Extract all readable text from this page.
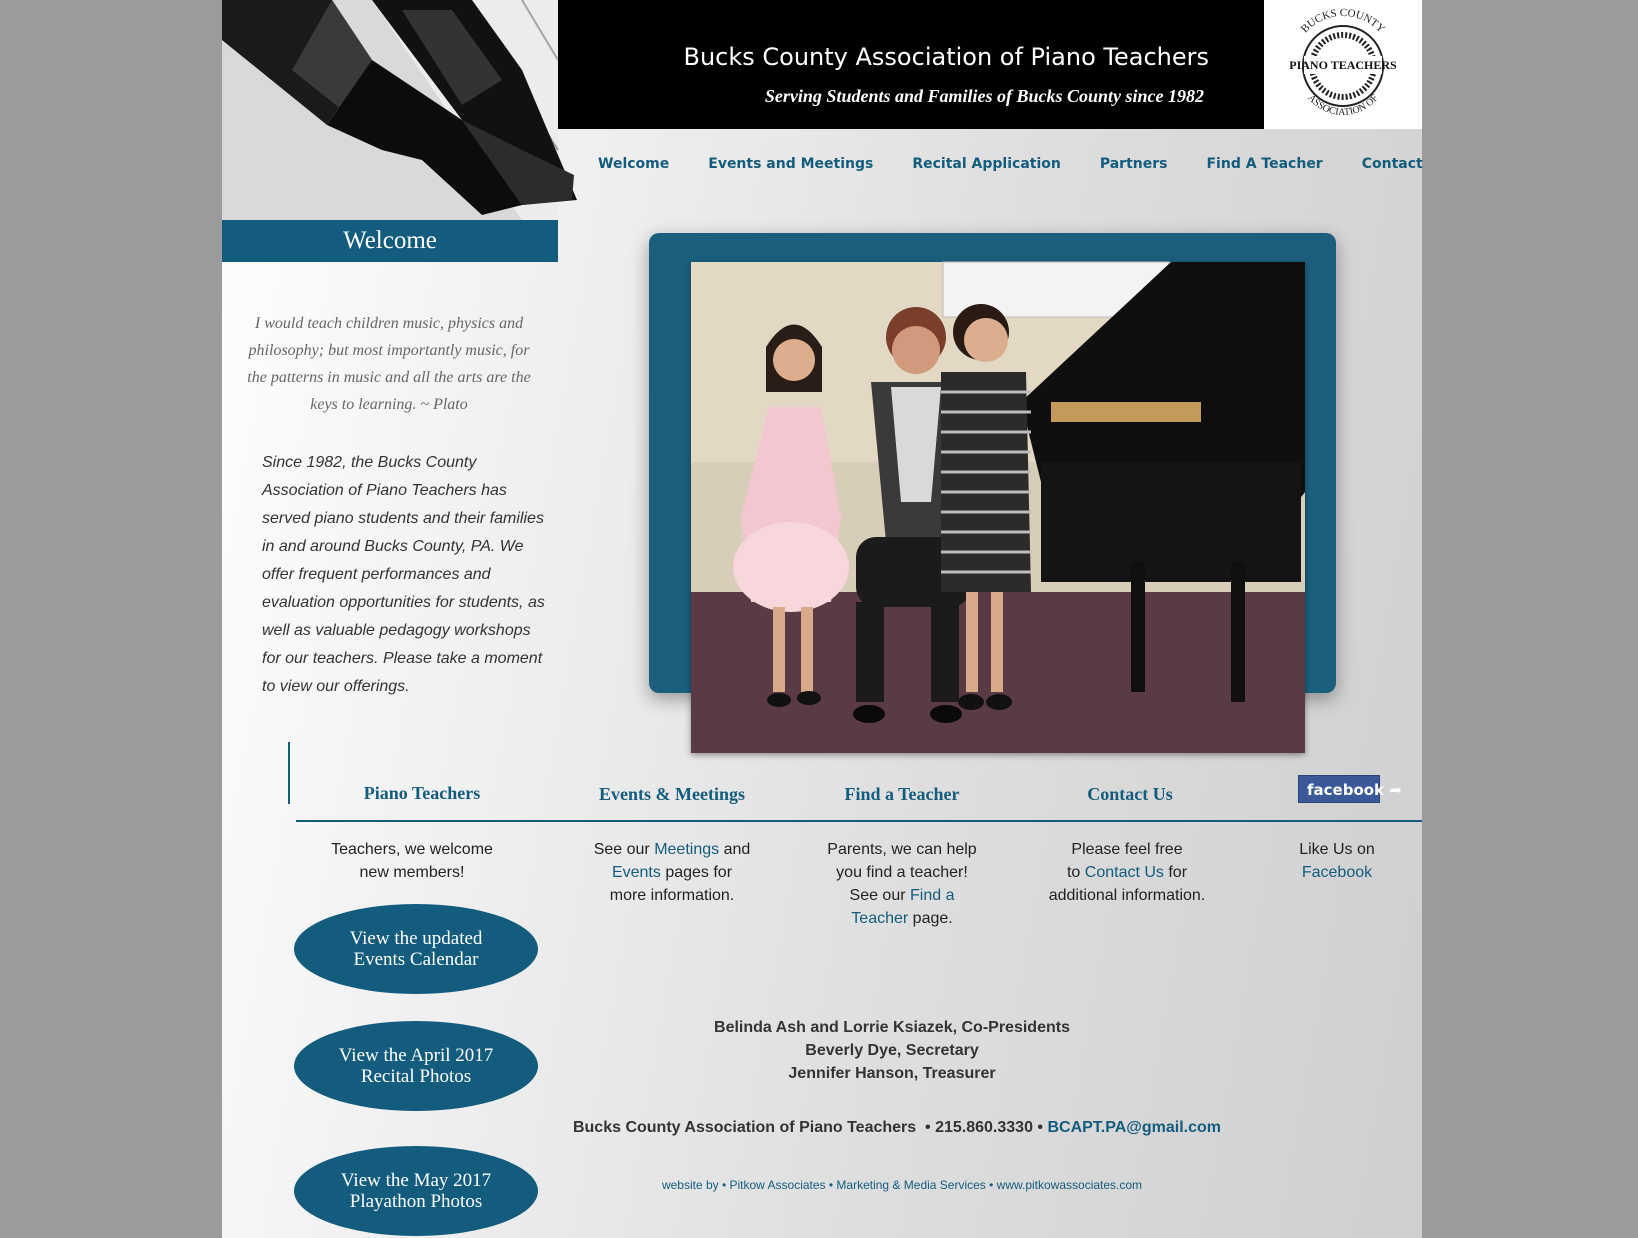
Welcome
Bucks County Association of Piano Teachers
Serving Students and Families of Bucks County since 1982
BUCKS COUNTY
PIANO TEACHERS
ASSOCIATION OF
Welcome	Events and Meetings	Recital Application	Partners	Find A Teacher	Contact
I would teach children music, physics and philosophy; but most importantly music, for the patterns in music and all the arts are the keys to learning. ~ Plato
Since 1982, the Bucks County Association of Piano Teachers has served piano students and their families in and around Bucks County, PA. We offer frequent performances and evaluation opportunities for students, as well as valuable pedagogy workshops for our teachers. Please take a moment to view our offerings.
Piano Teachers	Events & Meetings	Find a Teacher	Contact Us	facebook ➦
Teachers, we welcome
new members!
See our Meetings and
Events pages for
more information.
Parents, we can help
you find a teacher!
See our Find a
Teacher page.
Please feel free
to Contact Us for
additional information.
Like Us on
Facebook
View the updated
Events Calendar
View the April 2017
Recital Photos
View the May 2017
Playathon Photos
Belinda Ash and Lorrie Ksiazek, Co-Presidents
Beverly Dye, Secretary
Jennifer Hanson, Treasurer
Bucks County Association of Piano Teachers • 215.860.3330 • BCAPT.PA@gmail.com
website by • Pitkow Associates • Marketing & Media Services • www.pitkowassociates.com
